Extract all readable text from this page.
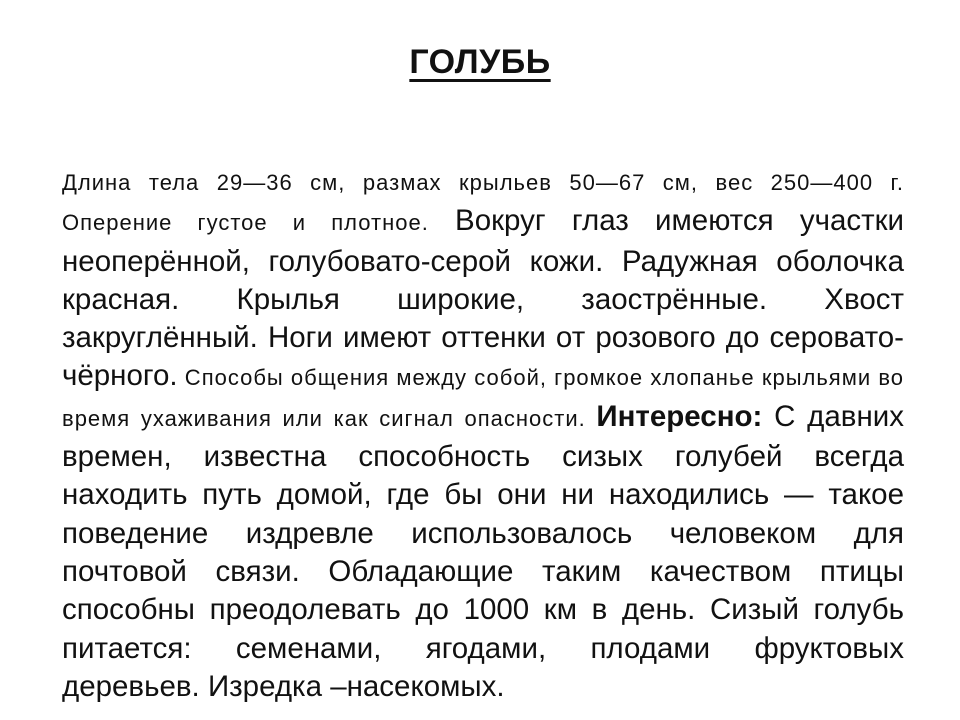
ГОЛУБЬ
Длина тела 29—36 см, размах крыльев 50—67 см, вес 250—400 г. Оперение густое и плотное. Вокруг глаз имеются участки неоперённой, голубовато-серой кожи. Радужная оболочка красная. Крылья широкие, заострённые. Хвост закруглённый. Ноги имеют оттенки от розового до серовато-чёрного. Способы общения между собой, громкое хлопанье крыльями во время ухаживания или как сигнал опасности. Интересно: С давних времен, известна способность сизых голубей всегда находить путь домой, где бы они ни находились — такое поведение издревле использовалось человеком для почтовой связи. Обладающие таким качеством птицы способны преодолевать до 1000 км в день. Сизый голубь питается: семенами, ягодами, плодами фруктовых деревьев. Изредка –насекомых.
